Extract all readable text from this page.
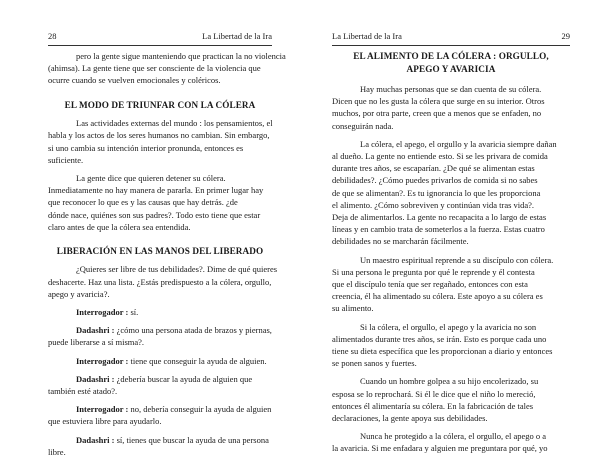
28	La Libertad de la Ira
pero la gente sigue manteniendo que practican la no violencia
(ahimsa). La gente tiene que ser consciente de la violencia que
ocurre cuando se vuelven emocionales y coléricos.
EL MODO DE TRIUNFAR CON LA CÓLERA
Las actividades externas del mundo : los pensamientos, el
habla y los actos de los seres humanos no cambian. Sin embargo,
si uno cambia su intención interior pronunda, entonces es
suficiente.
La gente dice que quieren detener su cólera.
Inmediatamente no hay manera de pararla. En primer lugar hay
que reconocer lo que es y las causas que hay detrás. ¿de
dónde nace, quiénes son sus padres?. Todo esto tiene que estar
claro antes de que la cólera sea entendida.
LIBERACIÓN EN LAS MANOS DEL LIBERADO
¿Quieres ser libre de tus debilidades?. Dime de qué quieres
deshacerte. Haz una lista. ¿Estás predispuesto a la cólera, orgullo,
apego y avaricia?.
Interrogador : sí.
Dadashri : ¿cómo una persona atada de brazos y piernas,
puede liberarse a sí misma?.
Interrogador : tiene que conseguir la ayuda de alguien.
Dadashri : ¿debería buscar la ayuda de alguien que
también esté atado?.
Interrogador : no, debería conseguir la ayuda de alguien
que estuviera libre para ayudarlo.
Dadashri : sí, tienes que buscar la ayuda de una persona
libre.
La Libertad de la Ira	29
EL ALIMENTO DE LA CÓLERA : ORGULLO,
APEGO Y AVARICIA
Hay muchas personas que se dan cuenta de su cólera.
Dicen que no les gusta la cólera que surge en su interior. Otros
muchos, por otra parte, creen que a menos que se enfaden, no
conseguirán nada.
La cólera, el apego, el orgullo y la avaricia siempre dañan
al dueño. La gente no entiende esto. Si se les privara de comida
durante tres años, se escaparían. ¿De qué se alimentan estas
debilidades?. ¿Cómo puedes privarlos de comida si no sabes
de que se alimentan?. Es tu ignorancia lo que les proporciona
el alimento. ¿Cómo sobreviven y continúan vida tras vida?.
Deja de alimentarlos. La gente no recapacita a lo largo de estas
líneas y en cambio trata de someterlos a la fuerza. Estas cuatro
debilidades no se marcharán fácilmente.
Un maestro espiritual reprende a su discípulo con cólera.
Si una persona le pregunta por qué le reprende y él contesta
que el discípulo tenía que ser regañado, entonces con esta
creencia, él ha alimentado su cólera. Este apoyo a su cólera es
su alimento.
Si la cólera, el orgullo, el apego y la avaricia no son
alimentados durante tres años, se irán. Esto es porque cada uno
tiene su dieta específica que les proporcionan a diario y entonces
se ponen sanos y fuertes.
Cuando un hombre golpea a su hijo encolerizado, su
esposa se lo reprochará. Si él le dice que el niño lo mereció,
entonces él alimentaría su cólera. En la fabricación de tales
declaraciones, la gente apoya sus debilidades.
Nunca he protegido a la cólera, el orgullo, el apego o a
la avaricia. Si me enfadara y alguien me preguntara por qué, yo
